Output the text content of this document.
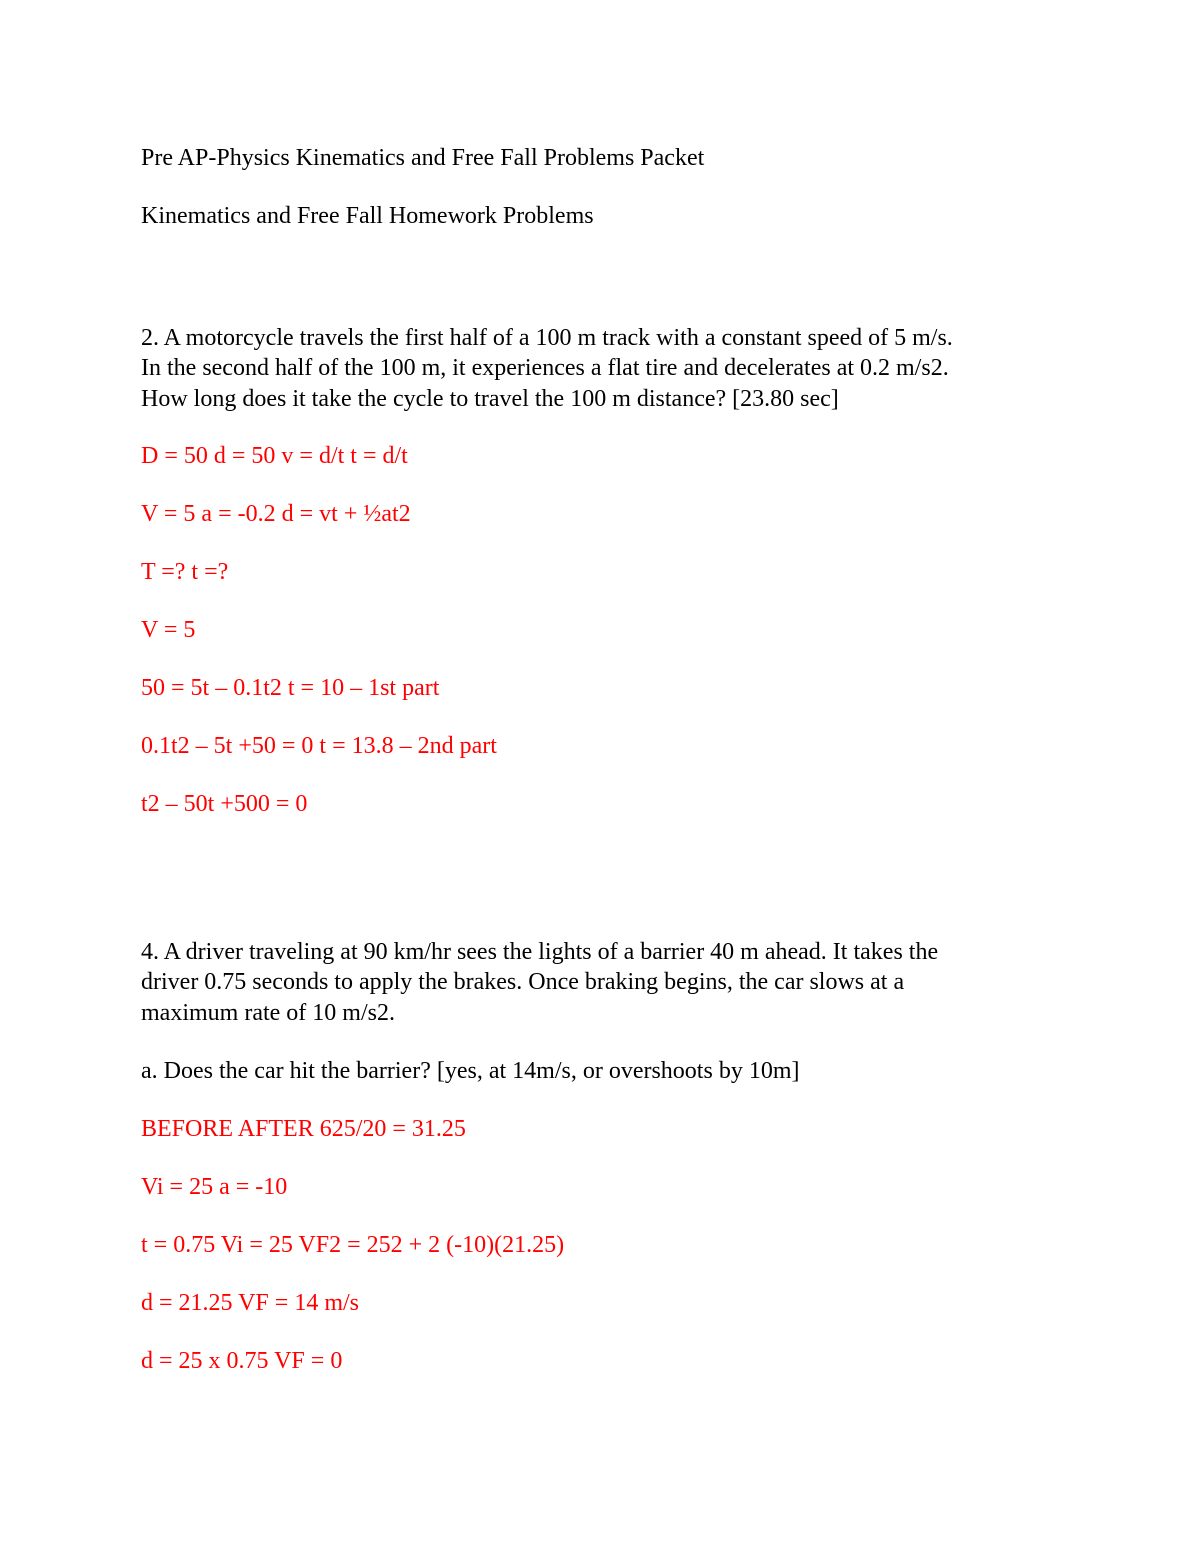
Pre AP-Physics Kinematics and Free Fall Problems Packet

Kinematics and Free Fall Homework Problems

2. A motorcycle travels the first half of a 100 m track with a constant speed of 5 m/s.

In the second half of the 100 m, it experiences a flat tire and decelerates at 0.2 m/s2.

How long does it take the cycle to travel the 100 m distance? [23.80 sec]

D = 50 d = 50 v = d/t t = d/t

V = 5 a = -0.2 d = vt + ½at2

T =? t =?

V = 5

50 = 5t – 0.1t2 t = 10 – 1st part

0.1t2 – 5t +50 = 0 t = 13.8 – 2nd part

t2 – 50t +500 = 0

4. A driver traveling at 90 km/hr sees the lights of a barrier 40 m ahead. It takes the

driver 0.75 seconds to apply the brakes. Once braking begins, the car slows at a

maximum rate of 10 m/s2.

a. Does the car hit the barrier? [yes, at 14m/s, or overshoots by 10m]

BEFORE AFTER 625/20 = 31.25

Vi = 25 a = -10

t = 0.75 Vi = 25 VF2 = 252 + 2 (-10)(21.25)

d = 21.25 VF = 14 m/s

d = 25 x 0.75 VF = 0
